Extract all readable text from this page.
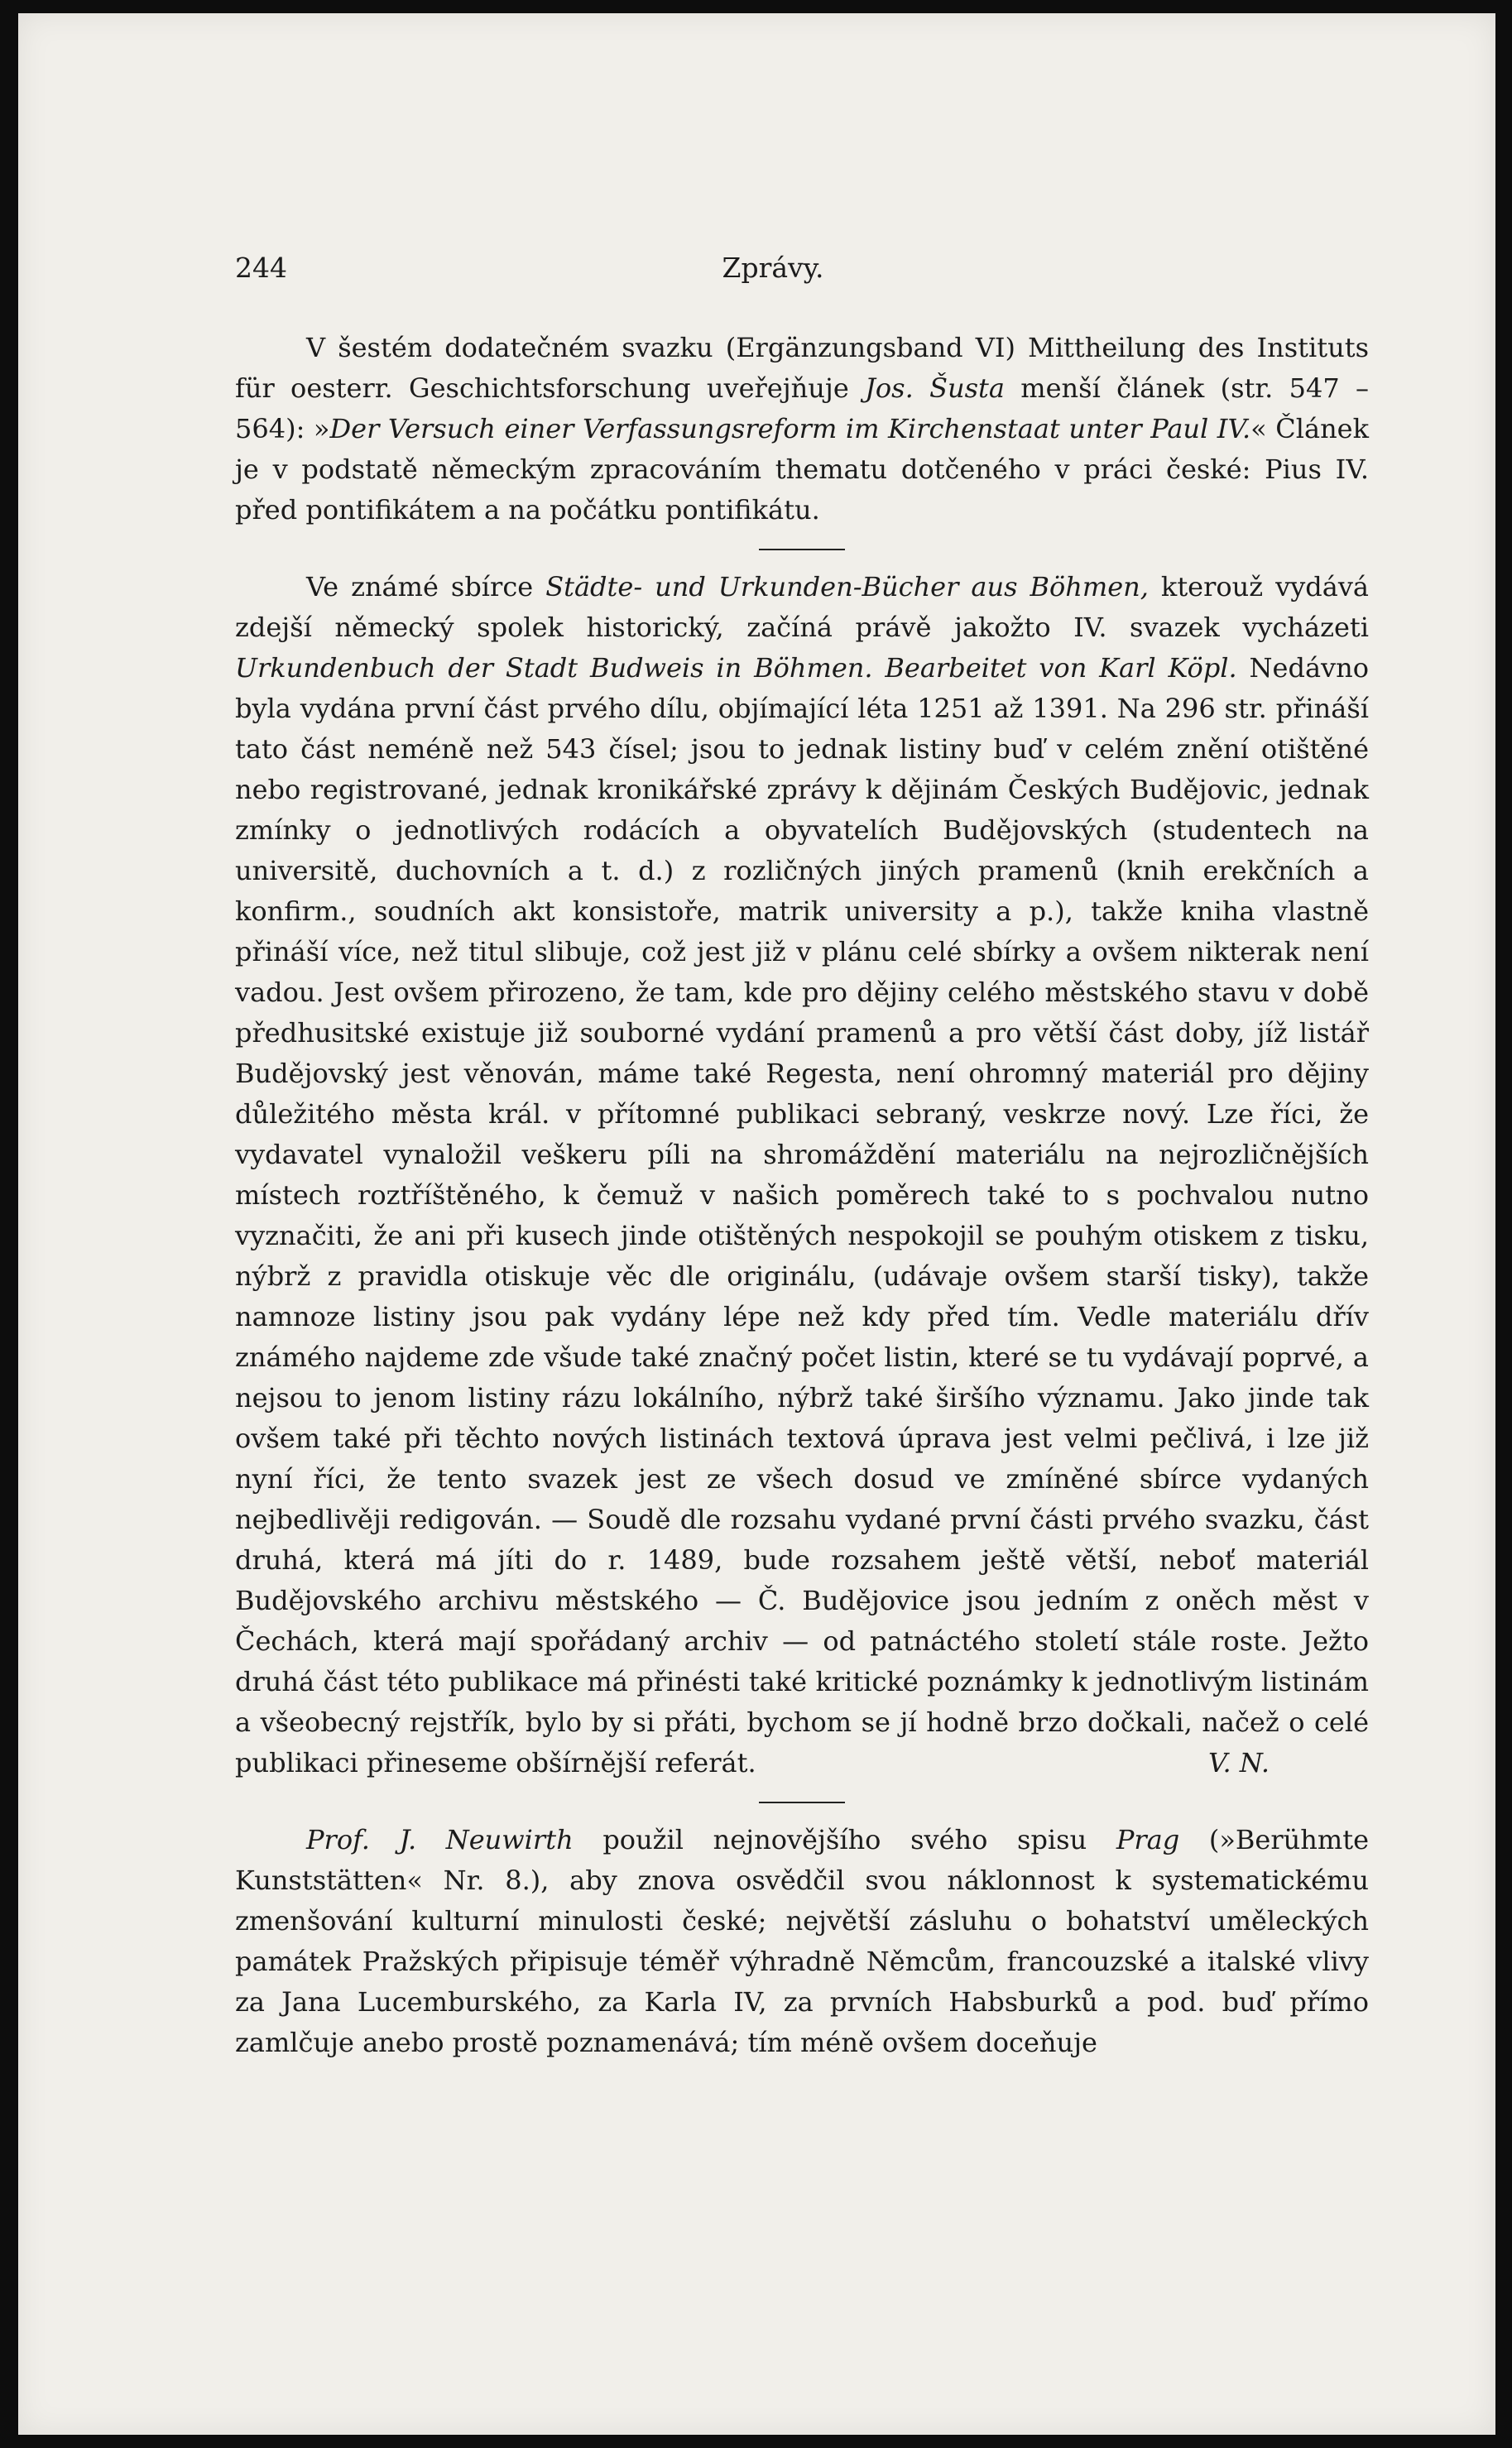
244	Zprávy.

V šestém dodatečném svazku (Ergänzungsband VI) Mittheilung des Instituts für oesterr. Geschichtsforschung uveřejňuje Jos. Šusta menší článek (str. 547 – 564): »Der Versuch einer Verfassungsreform im Kirchenstaat unter Paul IV.« Článek je v podstatě německým zpracováním thematu dotčeného v práci české: Pius IV. před pontifikátem a na počátku pontifikátu.

Ve známé sbírce Städte- und Urkunden-Bücher aus Böhmen, kterouž vydává zdejší německý spolek historický, začíná právě jakožto IV. svazek vycházeti Urkundenbuch der Stadt Budweis in Böhmen. Bearbeitet von Karl Köpl. Nedávno byla vydána první část prvého dílu, objímající léta 1251 až 1391. Na 296 str. přináší tato část neméně než 543 čísel; jsou to jednak listiny buď v celém znění otištěné nebo registrované, jednak kronikářské zprávy k dějinám Českých Budějovic, jednak zmínky o jednotlivých rodácích a obyvatelích Budějovských (studentech na universitě, duchovních a t. d.) z rozličných jiných pramenů (knih erekčních a konfirm., soudních akt konsistoře, matrik university a p.), takže kniha vlastně přináší více, než titul slibuje, což jest již v plánu celé sbírky a ovšem nikterak není vadou. Jest ovšem přirozeno, že tam, kde pro dějiny celého městského stavu v době předhusitské existuje již souborné vydání pramenů a pro větší část doby, jíž listář Budějovský jest věnován, máme také Regesta, není ohromný materiál pro dějiny důležitého města král. v přítomné publikaci sebraný, veskrze nový. Lze říci, že vydavatel vynaložil veškeru píli na shromáždění materiálu na nejrozličnějších místech roztříštěného, k čemuž v našich poměrech také to s pochvalou nutno vyznačiti, že ani při kusech jinde otištěných nespokojil se pouhým otiskem z tisku, nýbrž z pravidla otiskuje věc dle originálu, (udávaje ovšem starší tisky), takže namnoze listiny jsou pak vydány lépe než kdy před tím. Vedle materiálu dřív známého najdeme zde všude také značný počet listin, které se tu vydávají poprvé, a nejsou to jenom listiny rázu lokálního, nýbrž také širšího významu. Jako jinde tak ovšem také při těchto nových listinách textová úprava jest velmi pečlivá, i lze již nyní říci, že tento svazek jest ze všech dosud ve zmíněné sbírce vydaných nejbedlivěji redigován. — Soudě dle rozsahu vydané první části prvého svazku, část druhá, která má jíti do r. 1489, bude rozsahem ještě větší, neboť materiál Budějovského archivu městského — Č. Budějovice jsou jedním z oněch měst v Čechách, která mají spořádaný archiv — od patnáctého století stále roste. Ježto druhá část této publikace má přinésti také kritické poznámky k jednotlivým listinám a všeobecný rejstřík, bylo by si přáti, bychom se jí hodně brzo dočkali, načež o celé publikaci přineseme obšírnější referát.	V. N.

Prof. J. Neuwirth použil nejnovějšího svého spisu Prag (»Berühmte Kunststätten« Nr. 8.), aby znova osvědčil svou náklonnost k systematickému zmenšování kulturní minulosti české; největší zásluhu o bohatství uměleckých památek Pražských připisuje téměř výhradně Němcům, francouzské a italské vlivy za Jana Lucemburského, za Karla IV, za prvních Habsburků a pod. buď přímo zamlčuje anebo prostě poznamenává; tím méně ovšem doceňuje
